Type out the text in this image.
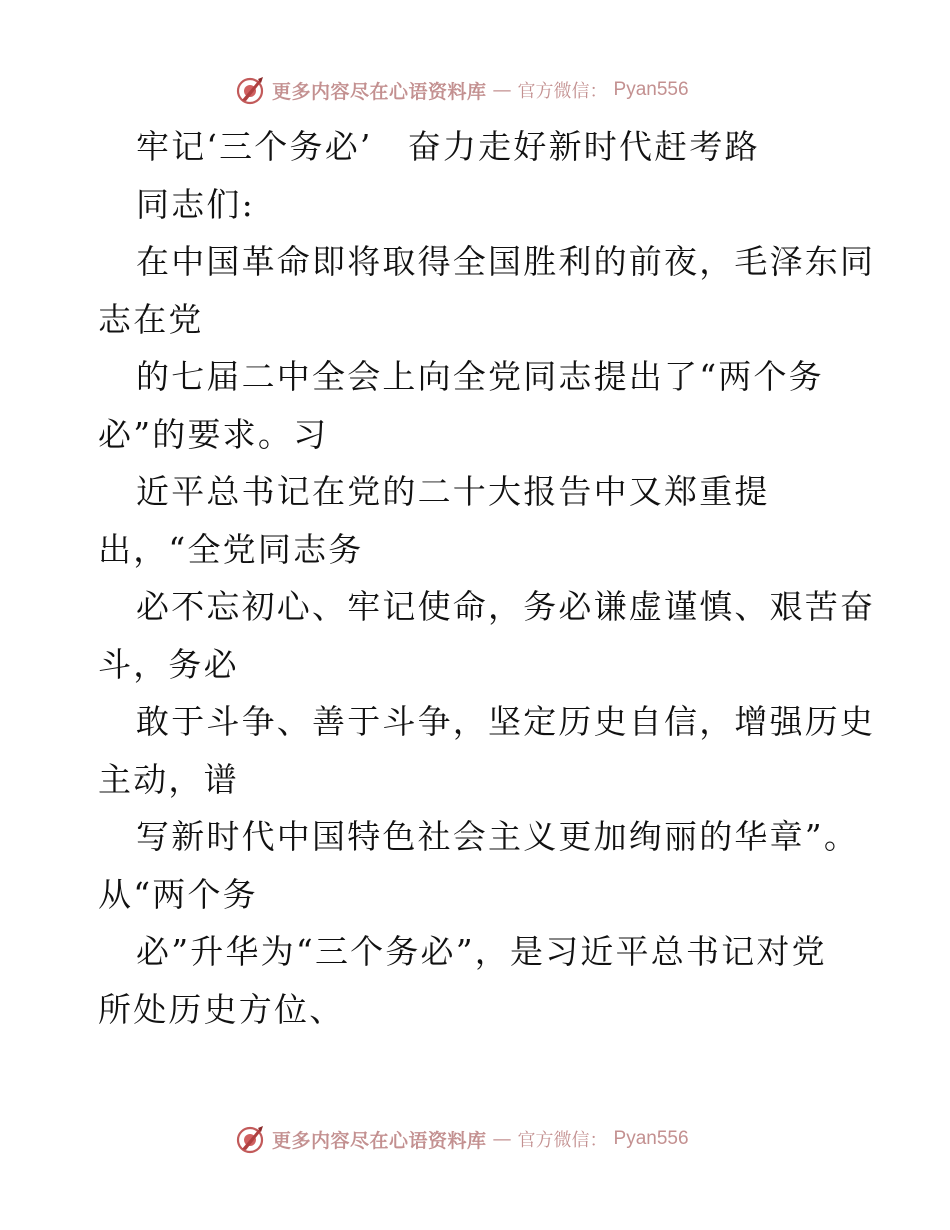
更多内容尽在心语资料库 — 官方微信： Pyan556
牢记‘三个务必’　奋力走好新时代赶考路
同志们:
在中国革命即将取得全国胜利的前夜，毛泽东同
志在党
的七届二中全会上向全党同志提出了“两个务
必”的要求。习
近平总书记在党的二十大报告中又郑重提
出，“全党同志务
必不忘初心、牢记使命，务必谦虚谨慎、艰苦奋
斗，务必
敢于斗争、善于斗争，坚定历史自信，增强历史
主动，谱
写新时代中国特色社会主义更加绚丽的华章”。
从“两个务
必”升华为“三个务必”，是习近平总书记对党
所处历史方位、
更多内容尽在心语资料库 — 官方微信： Pyan556
